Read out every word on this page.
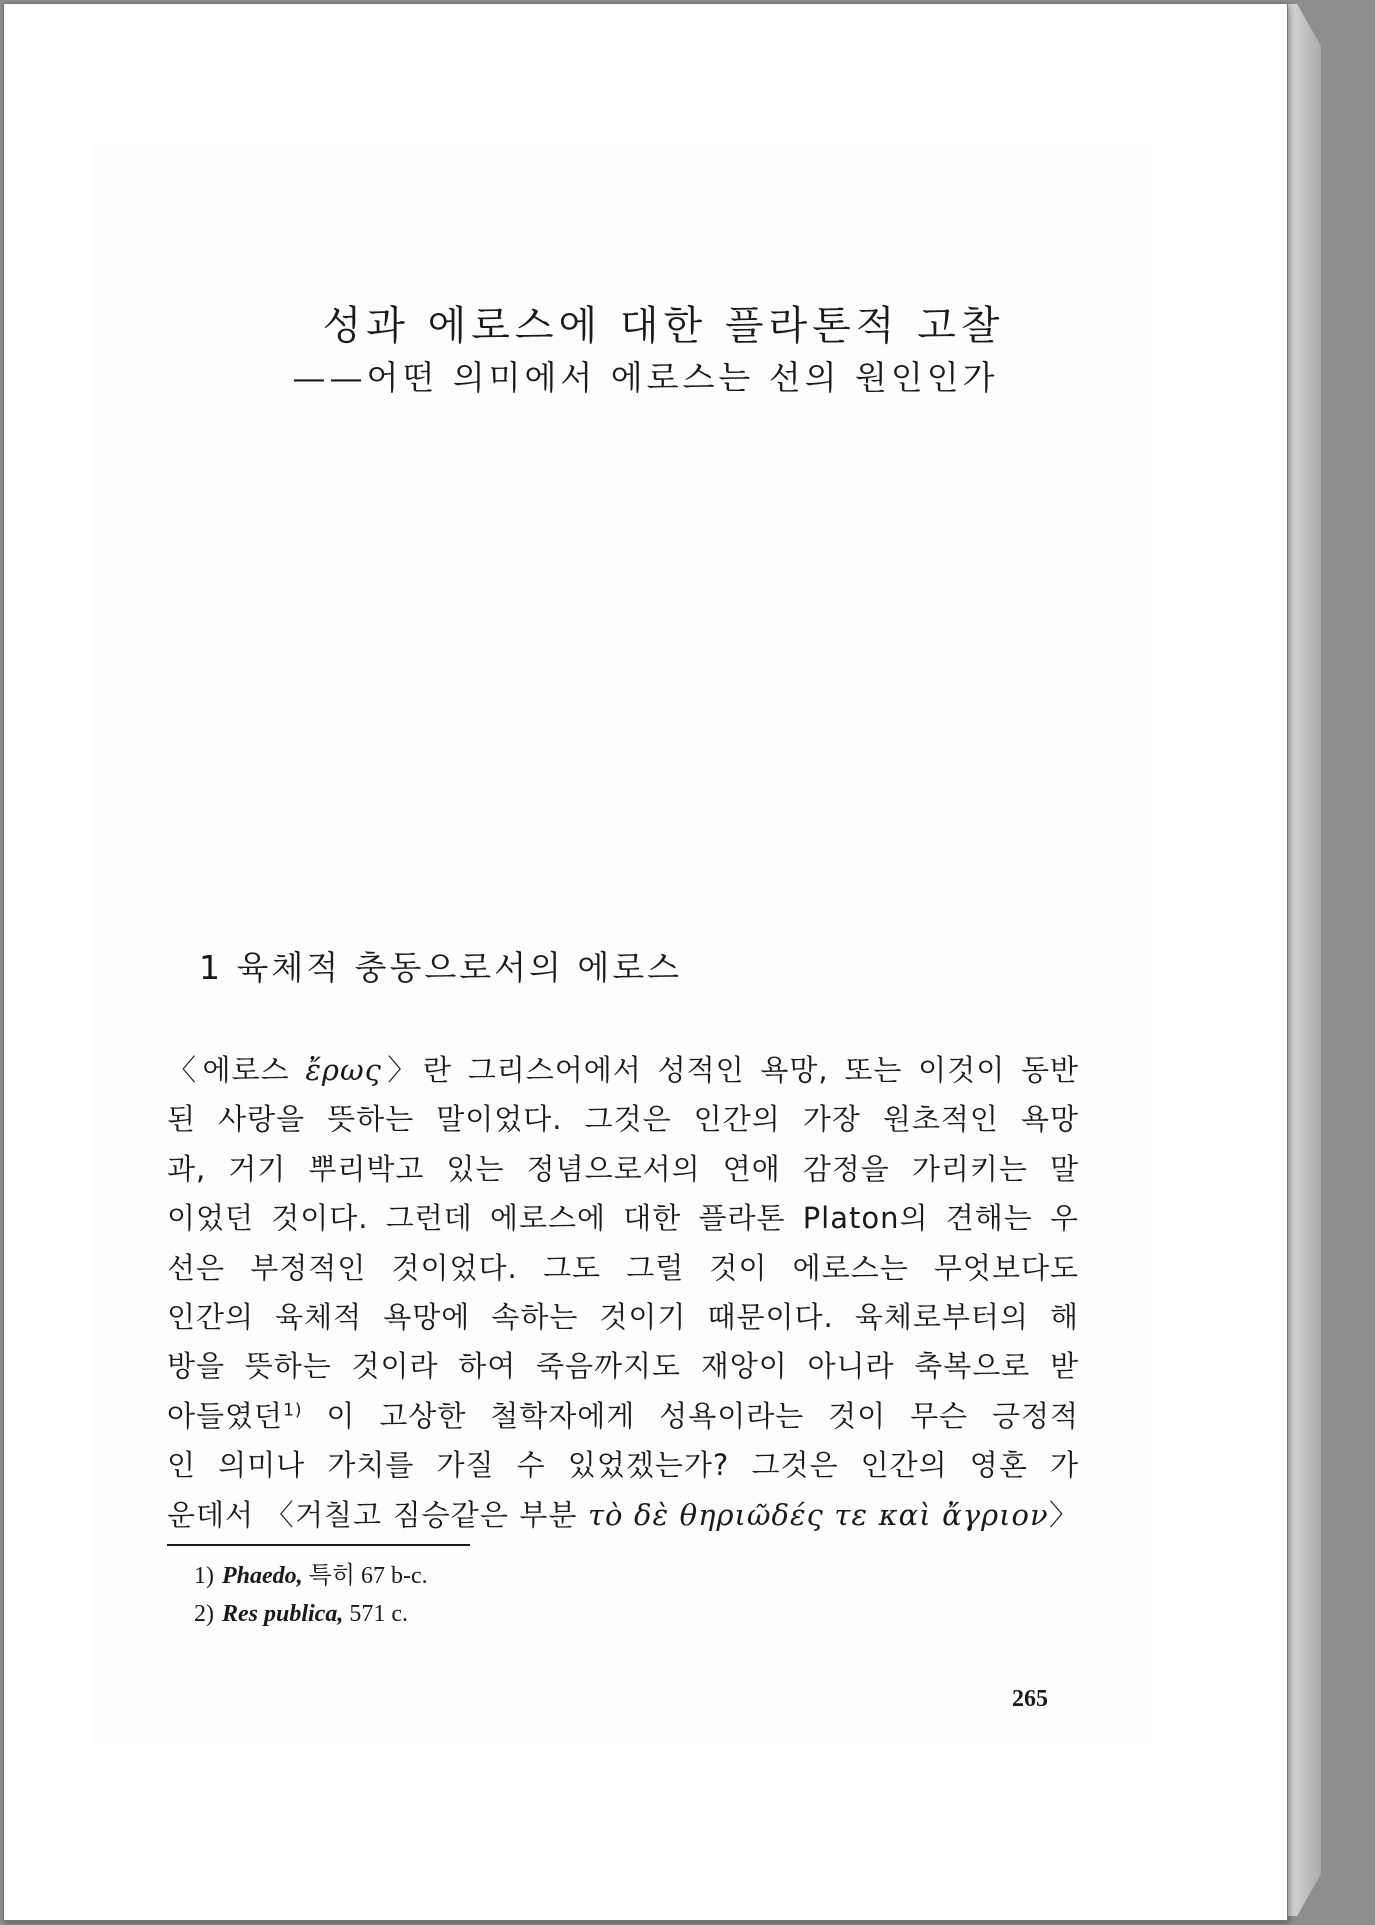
성과 에로스에 대한 플라톤적 고찰
——어떤 의미에서 에로스는 선의 원인인가
1 육체적 충동으로서의 에로스
〈에로스 ἔρως〉란 그리스어에서 성적인 욕망, 또는 이것이 동반
된 사랑을 뜻하는 말이었다. 그것은 인간의 가장 원초적인 욕망
과, 거기 뿌리박고 있는 정념으로서의 연애 감정을 가리키는 말
이었던 것이다. 그런데 에로스에 대한 플라톤 Platon의 견해는 우
선은 부정적인 것이었다. 그도 그럴 것이 에로스는 무엇보다도
인간의 육체적 욕망에 속하는 것이기 때문이다. 육체로부터의 해
방을 뜻하는 것이라 하여 죽음까지도 재앙이 아니라 축복으로 받
아들였던$^{1)}$ 이 고상한 철학자에게 성욕이라는 것이 무슨 긍정적
인 의미나 가치를 가질 수 있었겠는가? 그것은 인간의 영혼 가
운데서 〈거칠고 짐승같은 부분 τὸ δὲ θηριῶδές τε καὶ ἄγριον〉
1) Phaedo, 특히 67 b-c.
2) Res publica, 571 c.
265
